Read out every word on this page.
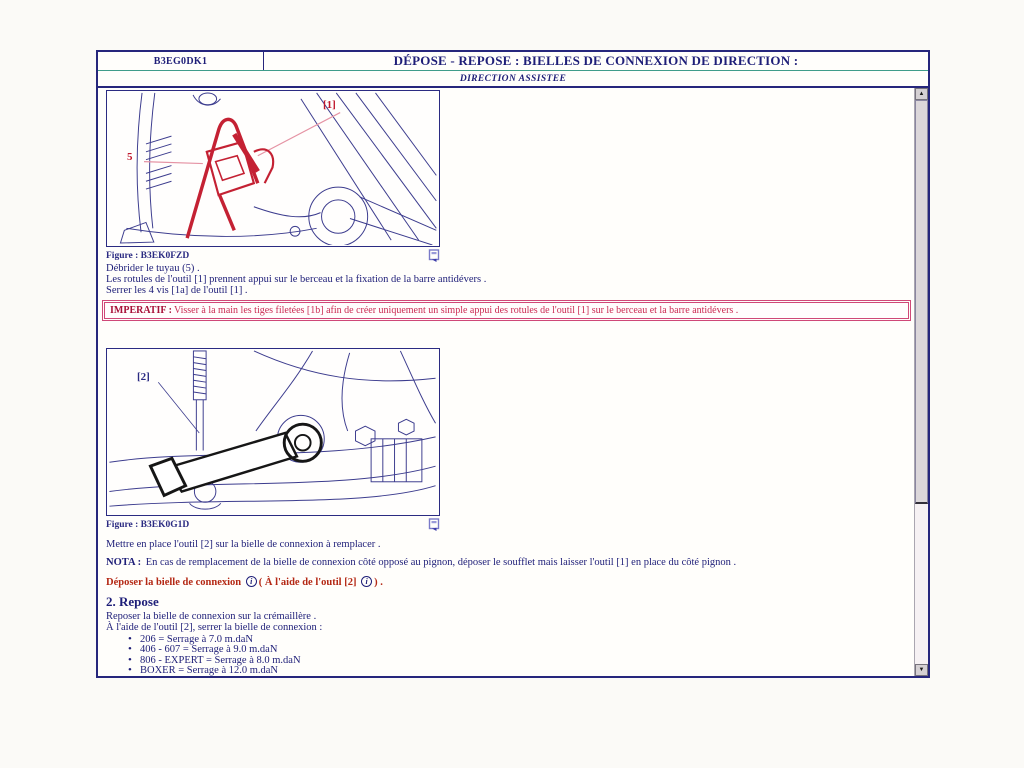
B3EG0DK1	DÉPOSE - REPOSE : BIELLES DE CONNEXION DE DIRECTION :
DIRECTION ASSISTEE
5
[1]
Figure : B3EK0FZD
Débrider le tuyau (5) .
Les rotules de l'outil [1] prennent appui sur le berceau et la fixation de la barre antidévers .
Serrer les 4 vis [1a] de l'outil [1] .
IMPERATIF : Visser à la main les tiges filetées [1b] afin de créer uniquement un simple appui des rotules de l'outil [1] sur le berceau et la barre antidévers .
[2]
Figure : B3EK0G1D
Mettre en place l'outil [2] sur la bielle de connexion à remplacer .
NOTA : En cas de remplacement de la bielle de connexion côté opposé au pignon, déposer le soufflet mais laisser l'outil [1] en place du côté pignon .
Déposer la bielle de connexion i ( À l'aide de l'outil [2] i ) .
2. Repose
Reposer la bielle de connexion sur la crémaillère .
À l'aide de l'outil [2], serrer la bielle de connexion :
• 206 = Serrage à 7.0 m.daN
• 406 - 607 = Serrage à 9.0 m.daN
• 806 - EXPERT = Serrage à 8.0 m.daN
• BOXER = Serrage à 12.0 m.daN
▲
▼
